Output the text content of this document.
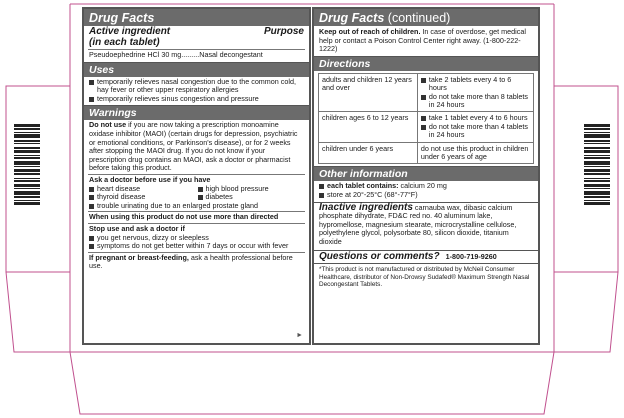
Drug Facts
Active ingredient	Purpose
(in each tablet)
Pseudoephedrine HCl 30 mg.........Nasal decongestant
Uses
temporarily relieves nasal congestion due to the common cold, hay fever or other upper respiratory allergies
temporarily relieves sinus congestion and pressure
Warnings
Do not use if you are now taking a prescription monoamine oxidase inhibitor (MAOI) (certain drugs for depression, psychiatric or emotional conditions, or Parkinson's disease), or for 2 weeks after stopping the MAOI drug. If you do not know if your prescription drug contains an MAOI, ask a doctor or pharmacist before taking this product.
Ask a doctor before use if you have
heart disease	high blood pressure
thyroid disease	diabetes
trouble urinating due to an enlarged prostate gland
When using this product do not use more than directed
Stop use and ask a doctor if
you get nervous, dizzy or sleepless
symptoms do not get better within 7 days or occur with fever
If pregnant or breast-feeding, ask a health professional before use.
►
Drug Facts (continued)
Keep out of reach of children. In case of overdose, get medical help or contact a Poison Control Center right away. (1-800-222-1222)
Directions
adults and children 12 years and over	take 2 tablets every 4 to 6 hours
do not take more than 8 tablets in 24 hours

children ages 6 to 12 years	take 1 tablet every 4 to 6 hours
do not take more than 4 tablets in 24 hours

children under 6 years	do not use this product in children under 6 years of age
Other information
each tablet contains: calcium 20 mg
store at 20°-25°C (68°-77°F)
Inactive ingredients carnauba wax, dibasic calcium phosphate dihydrate, FD&C red no. 40 aluminum lake, hypromellose, magnesium stearate, microcrystalline cellulose, polyethylene glycol, polysorbate 80, silicon dioxide, titanium dioxide
Questions or comments? 1-800-719-9260
*This product is not manufactured or distributed by McNeil Consumer Healthcare, distributor of Non-Drowsy Sudafed® Maximum Strength Nasal Decongestant Tablets.
